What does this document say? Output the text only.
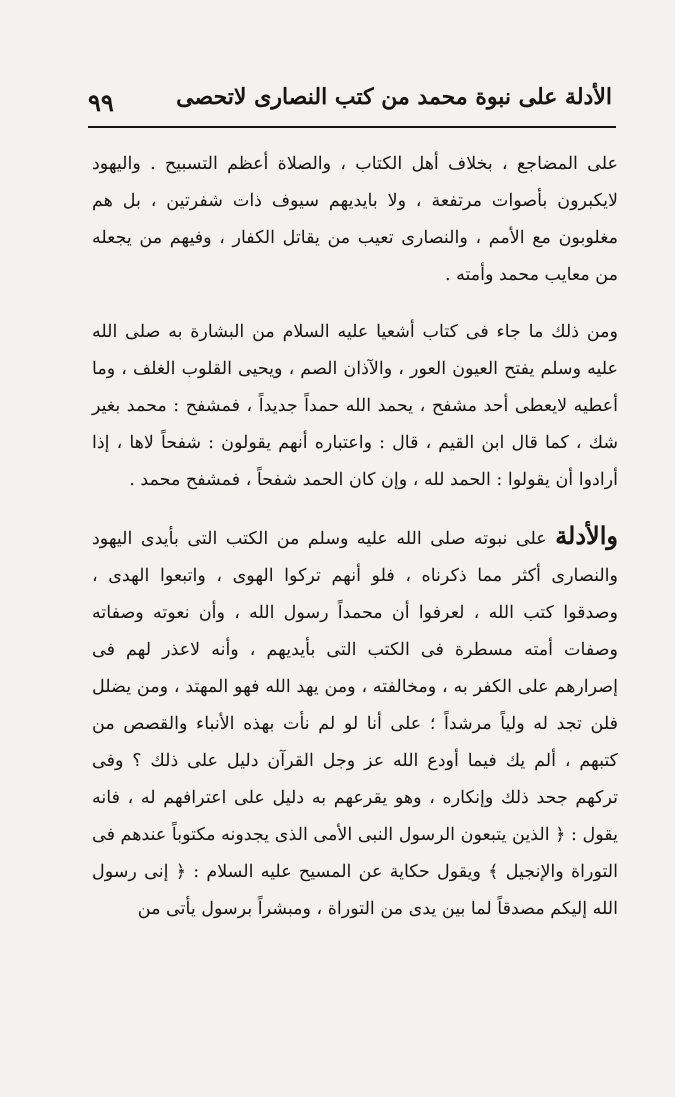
الأدلة على نبوة محمد من كتب النصارى لاتحصى
٩٩

على المضاجع ، بخلاف أهل الكتاب ، والصلاة أعظم التسبيح . واليهود لايكبرون بأصوات مرتفعة ، ولا بايديهم سيوف ذات شفرتين ، بل هم مغلوبون مع الأمم ، والنصارى تعيب من يقاتل الكفار ، وفيهم من يجعله من معايب محمد وأمته .

ومن ذلك ما جاء فى كتاب أشعيا عليه السلام من البشارة به صلى الله عليه وسلم يفتح العيون العور ، والآذان الصم ، ويحيى القلوب الغلف ، وما أعطيه لايعطى أحد مشفح ، يحمد الله حمداً جديداً ، فمشفح : محمد بغير شك ، كما قال ابن القيم ، قال : واعتباره أنهم يقولون : شفحاً لاها ، إذا أرادوا أن يقولوا : الحمد لله ، وإن كان الحمد شفحاً ، فمشفح محمد .

والأدلة على نبوته صلى الله عليه وسلم من الكتب التى بأيدى اليهود والنصارى أكثر مما ذكرناه ، فلو أنهم تركوا الهوى ، واتبعوا الهدى ، وصدقوا كتب الله ، لعرفوا أن محمداً رسول الله ، وأن نعوته وصفاته وصفات أمته مسطرة فى الكتب التى بأيديهم ، وأنه لاعذر لهم فى إصرارهم على الكفر به ، ومخالفته ، ومن يهد الله فهو المهتد ، ومن يضلل فلن تجد له ولياً مرشداً ؛ على أنا لو لم نأت بهذه الأنباء والقصص من كتبهم ، ألم يك فيما أودع الله عز وجل القرآن دليل على ذلك ؟ وفى تركهم جحد ذلك وإنكاره ، وهو يقرعهم به دليل على اعترافهم له ، فانه يقول : ﴿ الذين يتبعون الرسول النبى الأمى الذى يجدونه مكتوباً عندهم فى التوراة والإنجيل ﴾ ويقول حكاية عن المسيح عليه السلام : ﴿ إنى رسول الله إليكم مصدقاً لما بين يدى من التوراة ، ومبشراً برسول يأتى من
